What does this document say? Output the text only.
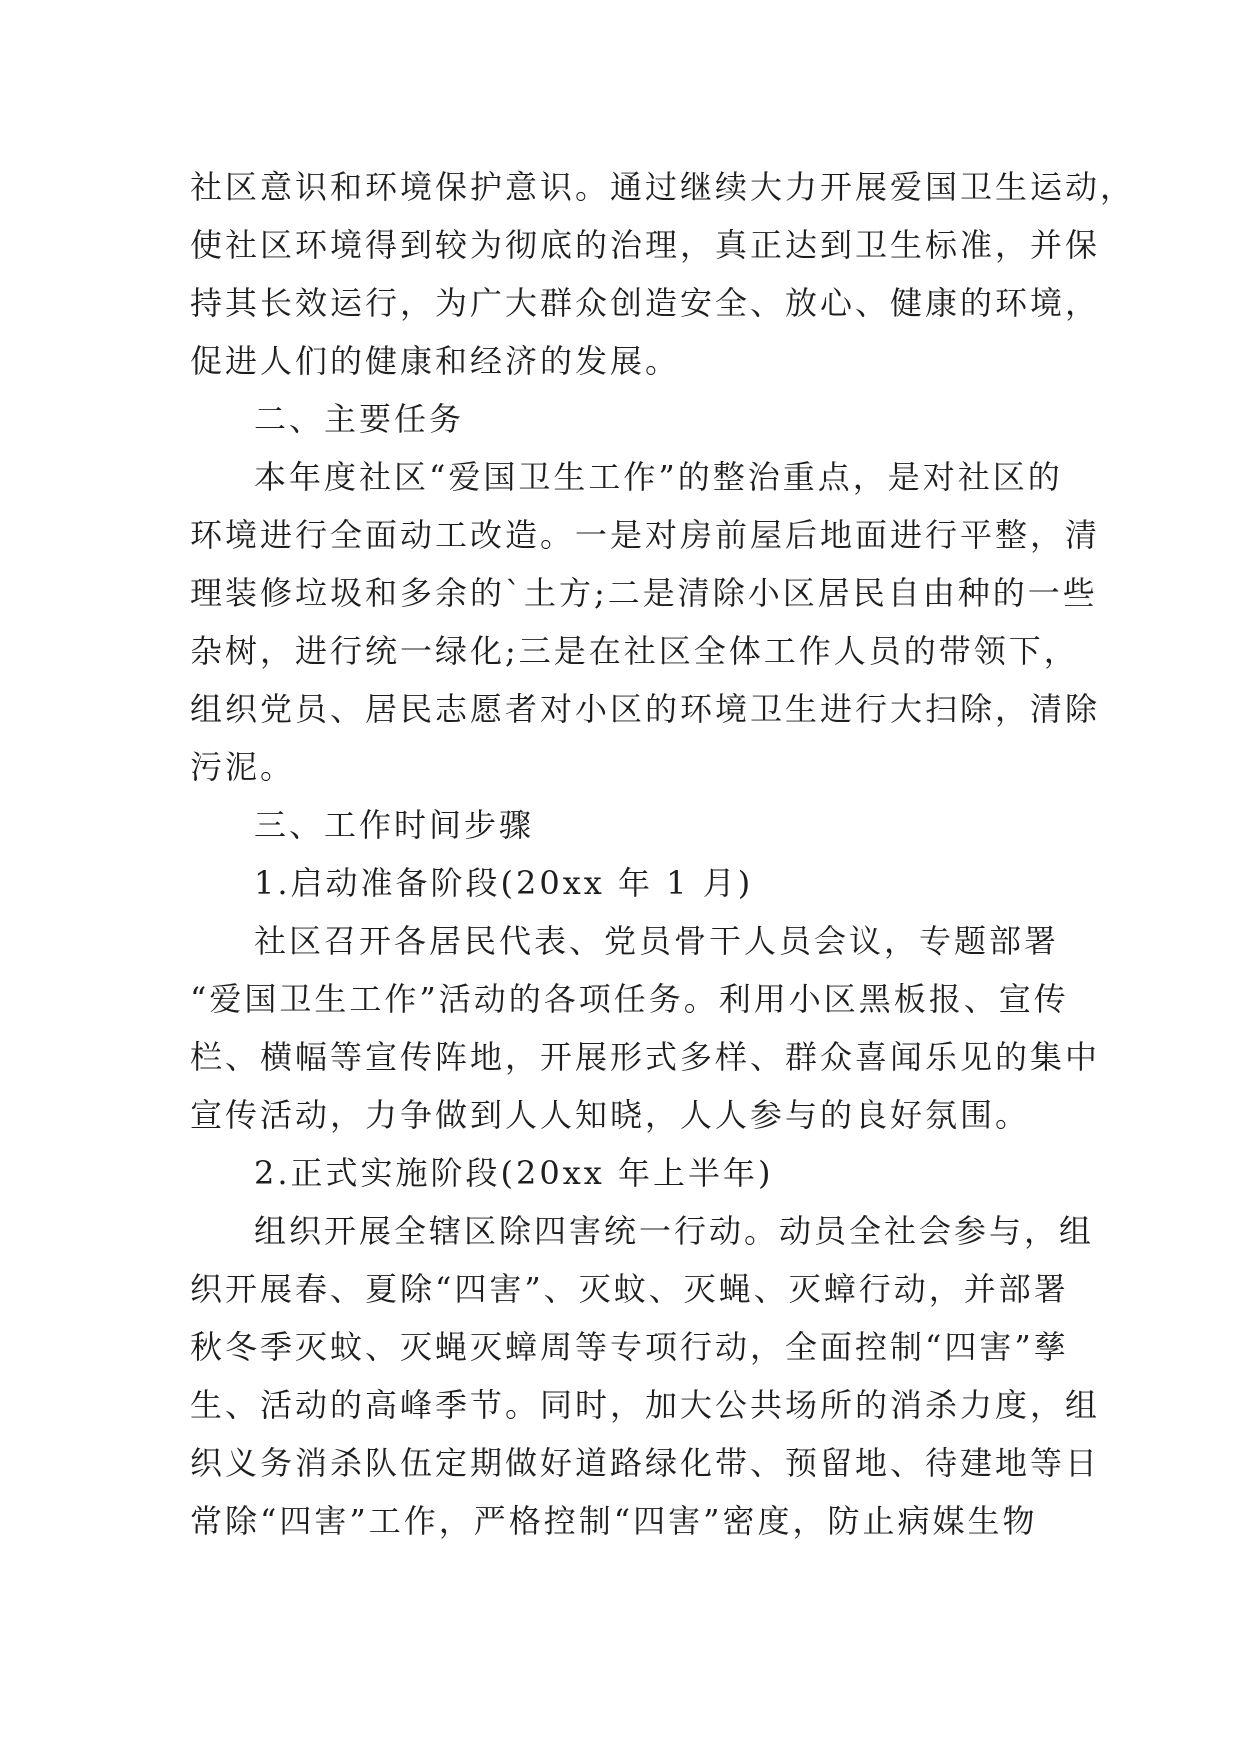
社区意识和环境保护意识。通过继续大力开展爱国卫生运动，
使社区环境得到较为彻底的治理，真正达到卫生标准，并保
持其长效运行，为广大群众创造安全、放心、健康的环境，
促进人们的健康和经济的发展。
二、主要任务
本年度社区“爱国卫生工作”的整治重点，是对社区的
环境进行全面动工改造。一是对房前屋后地面进行平整，清
理装修垃圾和多余的`土方;二是清除小区居民自由种的一些
杂树，进行统一绿化;三是在社区全体工作人员的带领下，
组织党员、居民志愿者对小区的环境卫生进行大扫除，清除
污泥。
三、工作时间步骤
1.启动准备阶段(20xx 年 1 月)
社区召开各居民代表、党员骨干人员会议，专题部署
“爱国卫生工作”活动的各项任务。利用小区黑板报、宣传
栏、横幅等宣传阵地，开展形式多样、群众喜闻乐见的集中
宣传活动，力争做到人人知晓，人人参与的良好氛围。
2.正式实施阶段(20xx 年上半年)
组织开展全辖区除四害统一行动。动员全社会参与，组
织开展春、夏除“四害”、灭蚊、灭蝇、灭蟑行动，并部署
秋冬季灭蚊、灭蝇灭蟑周等专项行动，全面控制“四害”孳
生、活动的高峰季节。同时，加大公共场所的消杀力度，组
织义务消杀队伍定期做好道路绿化带、预留地、待建地等日
常除“四害”工作，严格控制“四害”密度，防止病媒生物
